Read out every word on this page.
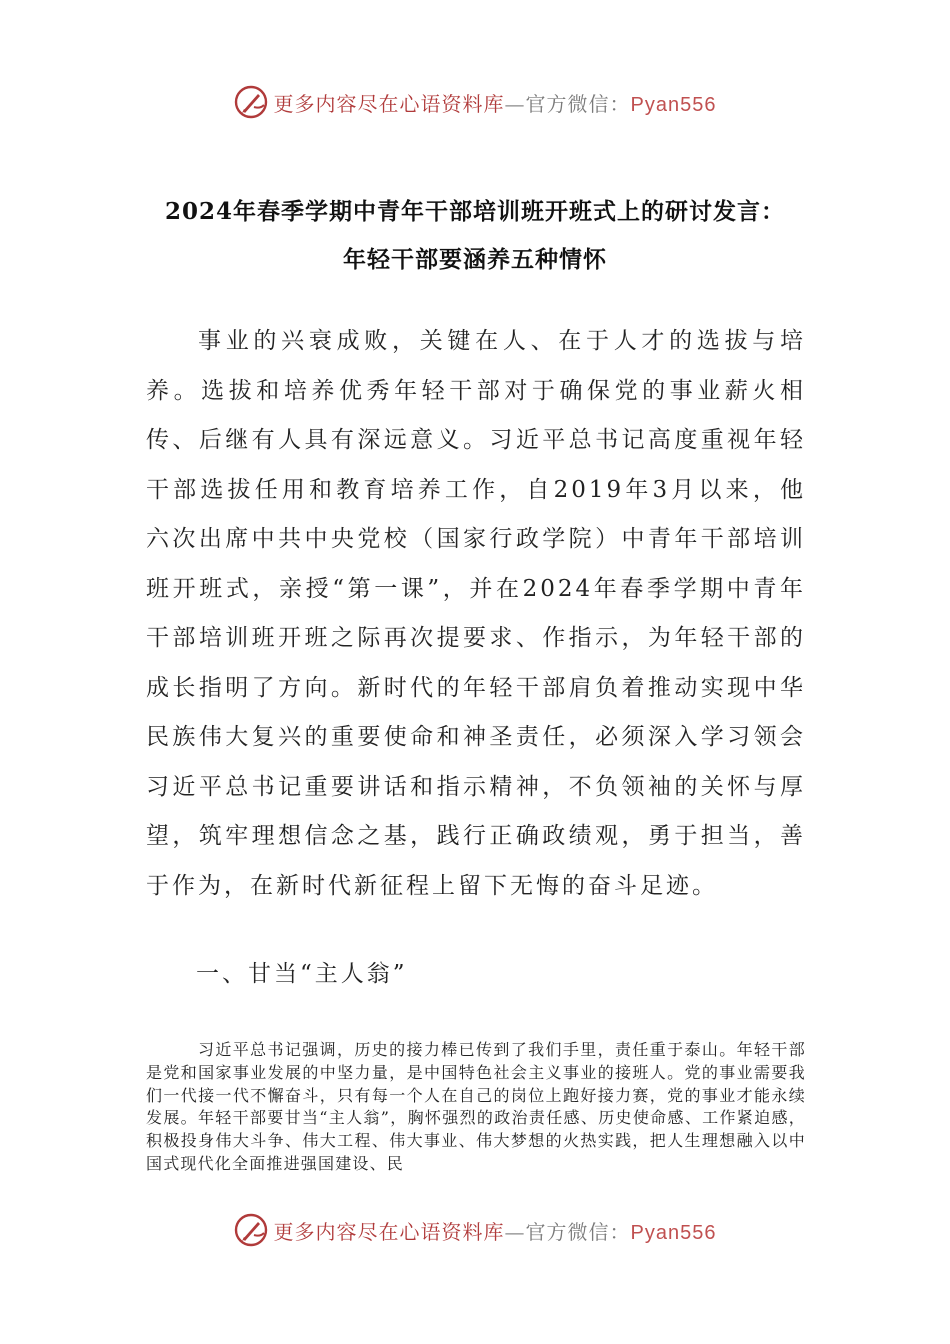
更多内容尽在心语资料库—官方微信：Pyan556
2024年春季学期中青年干部培训班开班式上的研讨发言：
年轻干部要涵养五种情怀

事业的兴衰成败，关键在人、在于人才的选拔与培养。选拔和培养优秀年轻干部对于确保党的事业薪火相传、后继有人具有深远意义。习近平总书记高度重视年轻干部选拔任用和教育培养工作，自2019年3月以来，他六次出席中共中央党校（国家行政学院）中青年干部培训班开班式，亲授“第一课”，并在2024年春季学期中青年干部培训班开班之际再次提要求、作指示，为年轻干部的成长指明了方向。新时代的年轻干部肩负着推动实现中华民族伟大复兴的重要使命和神圣责任，必须深入学习领会习近平总书记重要讲话和指示精神，不负领袖的关怀与厚望，筑牢理想信念之基，践行正确政绩观，勇于担当，善于作为，在新时代新征程上留下无悔的奋斗足迹。

一、甘当“主人翁”

习近平总书记强调，历史的接力棒已传到了我们手里，责任重于泰山。年轻干部是党和国家事业发展的中坚力量，是中国特色社会主义事业的接班人。党的事业需要我们一代接一代不懈奋斗，只有每一个人在自己的岗位上跑好接力赛，党的事业才能永续发展。年轻干部要甘当“主人翁”，胸怀强烈的政治责任感、历史使命感、工作紧迫感，积极投身伟大斗争、伟大工程、伟大事业、伟大梦想的火热实践，把人生理想融入以中国式现代化全面推进强国建设、民

更多内容尽在心语资料库—官方微信：Pyan556
